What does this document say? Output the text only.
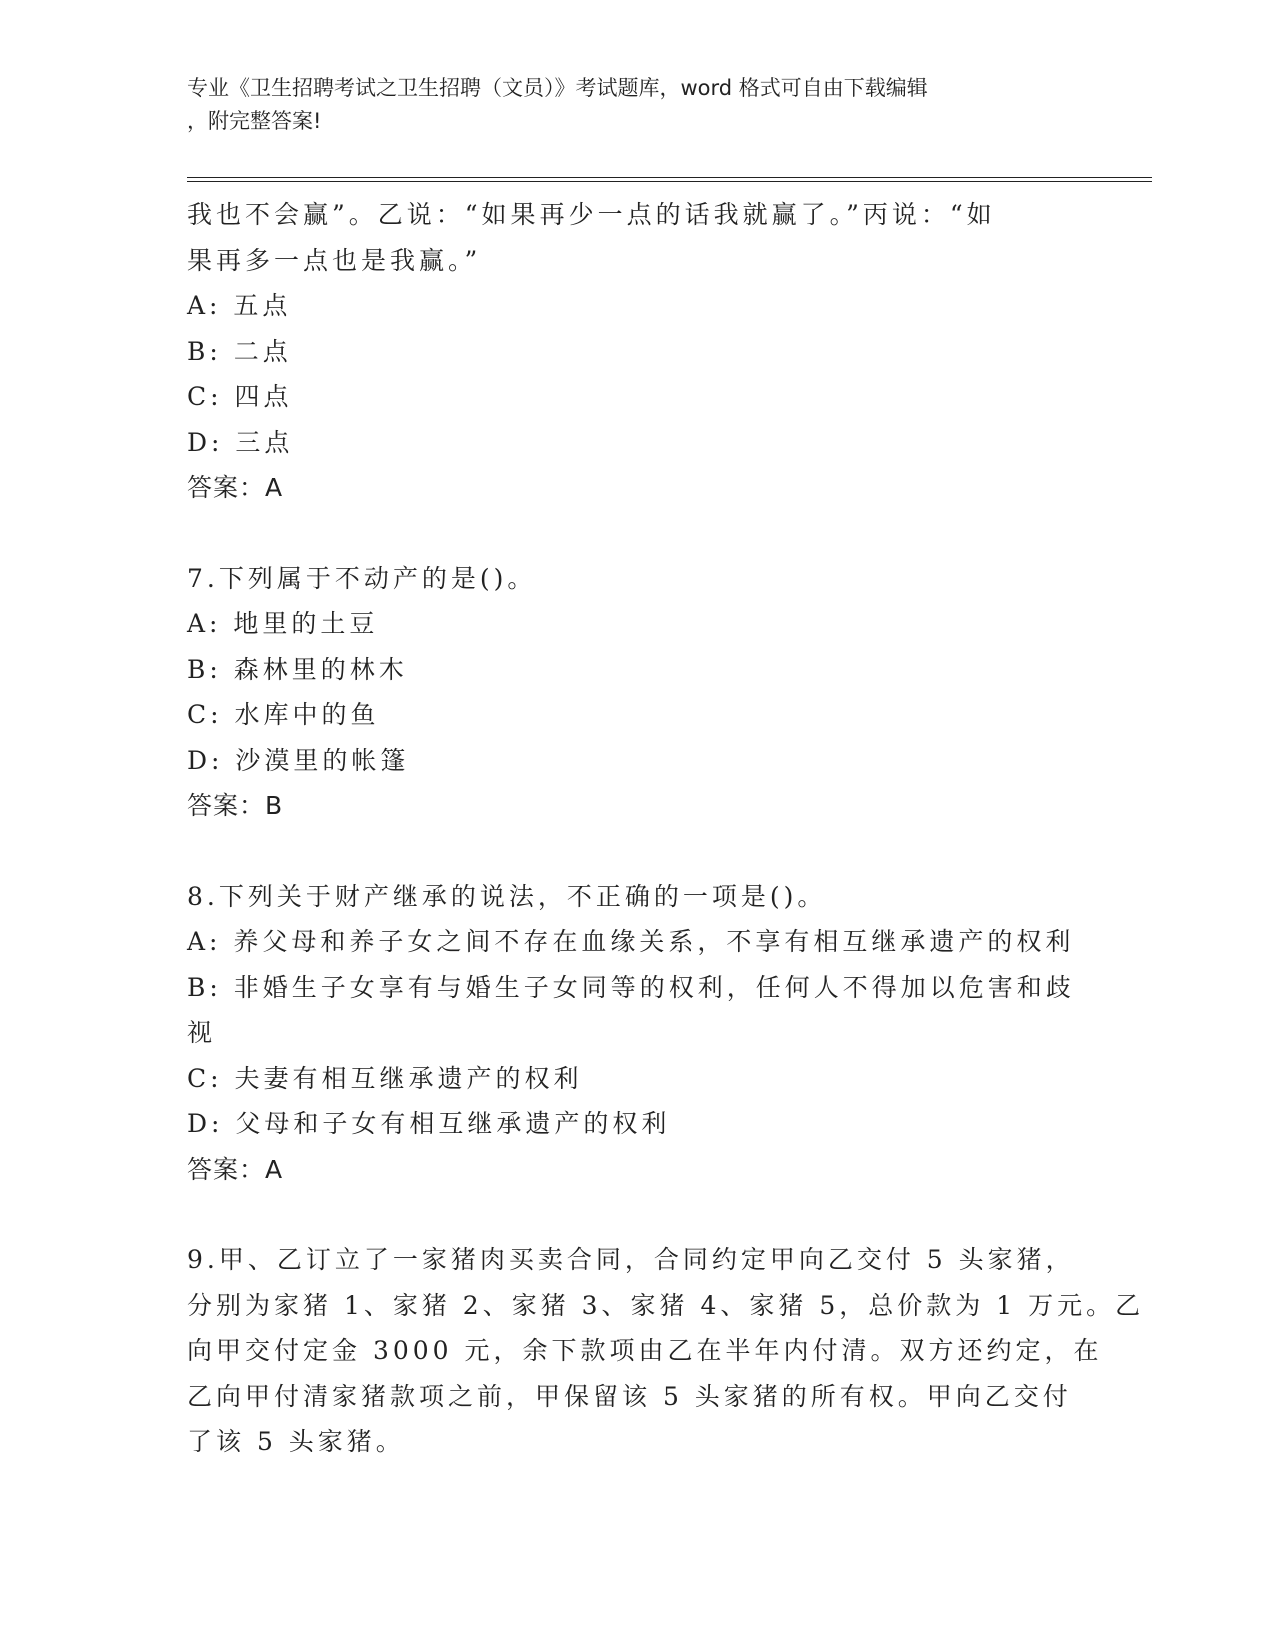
专业《卫生招聘考试之卫生招聘（文员）》考试题库，word 格式可自由下载编辑
，附完整答案!
我也不会赢”。乙说：“如果再少一点的话我就赢了。”丙说：“如
果再多一点也是我赢。”
A: 五点
B: 二点
C: 四点
D: 三点
答案：A
7.下列属于不动产的是()。
A: 地里的土豆
B: 森林里的林木
C: 水库中的鱼
D: 沙漠里的帐篷
答案：B
8.下列关于财产继承的说法，不正确的一项是()。
A: 养父母和养子女之间不存在血缘关系，不享有相互继承遗产的权利
B: 非婚生子女享有与婚生子女同等的权利，任何人不得加以危害和歧
视
C: 夫妻有相互继承遗产的权利
D: 父母和子女有相互继承遗产的权利
答案：A
9.甲、乙订立了一家猪肉买卖合同，合同约定甲向乙交付 5 头家猪，
分别为家猪 1、家猪 2、家猪 3、家猪 4、家猪 5，总价款为 1 万元。乙
向甲交付定金 3000 元，余下款项由乙在半年内付清。双方还约定，在
乙向甲付清家猪款项之前，甲保留该 5 头家猪的所有权。甲向乙交付
了该 5 头家猪。
